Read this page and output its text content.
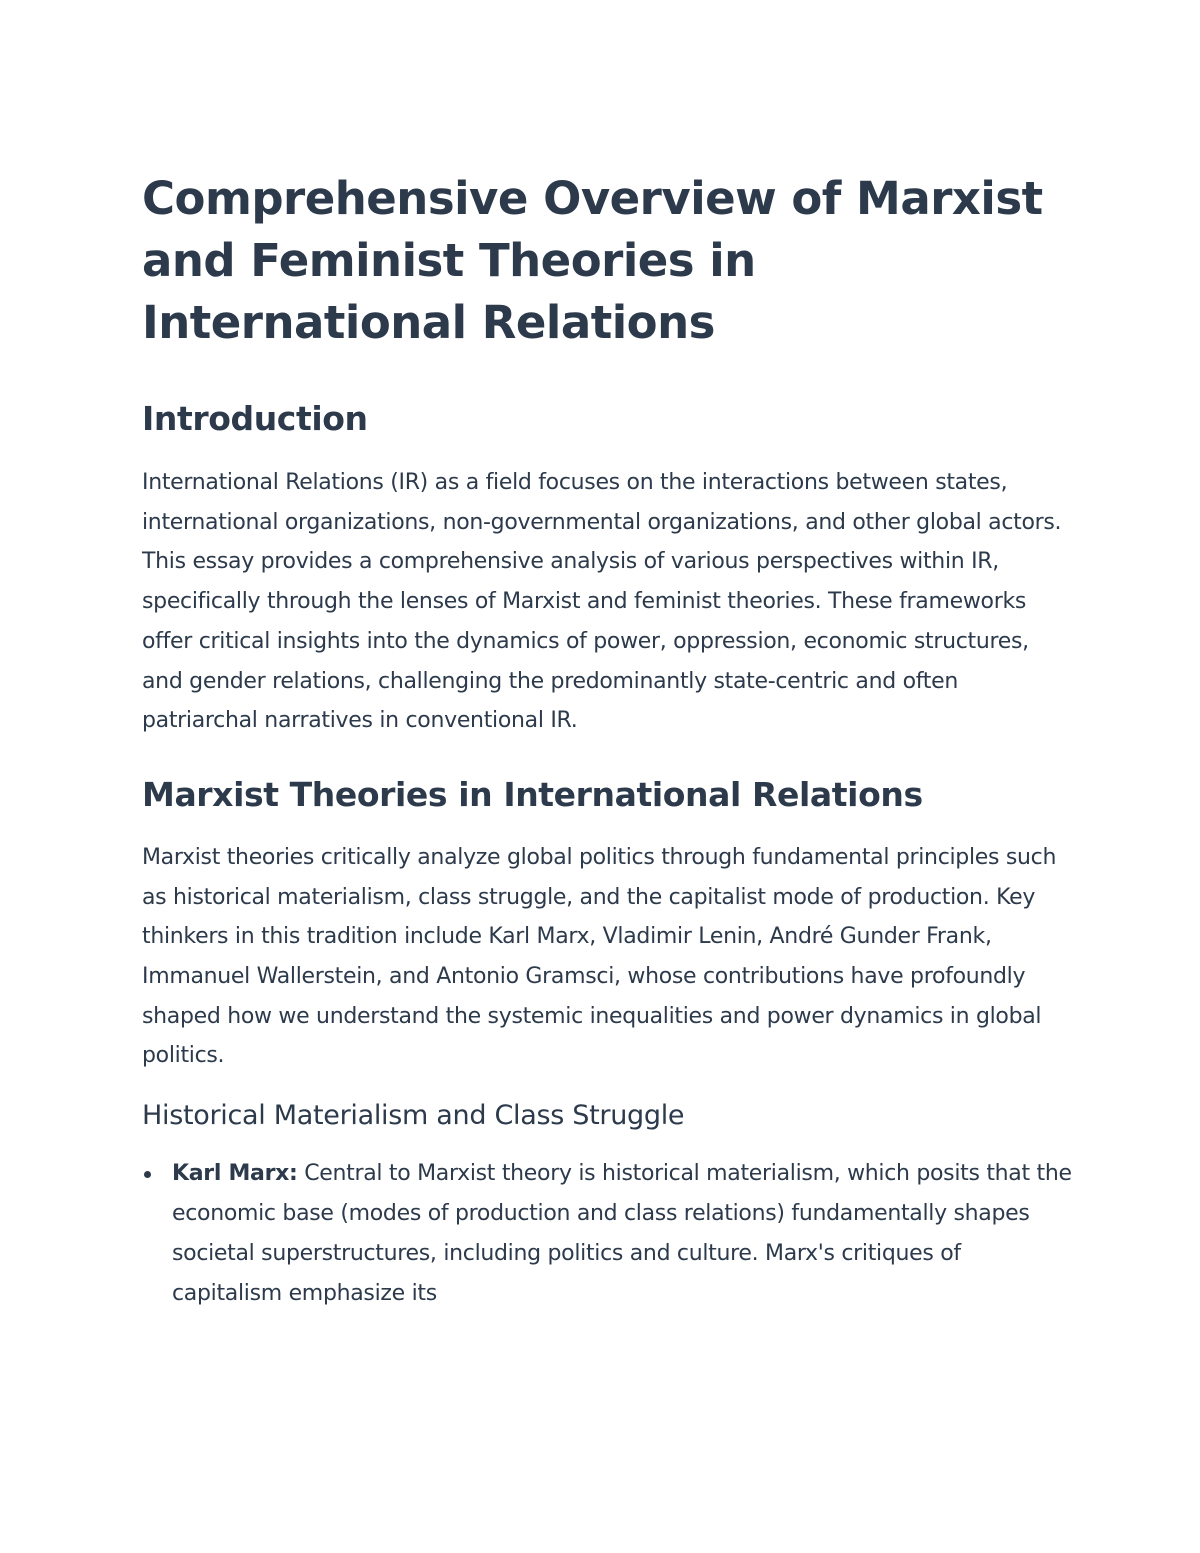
Comprehensive Overview of Marxist and Feminist Theories in International Relations
Introduction

International Relations (IR) as a field focuses on the interactions between states, international organizations, non-governmental organizations, and other global actors. This essay provides a comprehensive analysis of various perspectives within IR, specifically through the lenses of Marxist and feminist theories. These frameworks offer critical insights into the dynamics of power, oppression, economic structures, and gender relations, challenging the predominantly state-centric and often patriarchal narratives in conventional IR.

Marxist Theories in International Relations

Marxist theories critically analyze global politics through fundamental principles such as historical materialism, class struggle, and the capitalist mode of production. Key thinkers in this tradition include Karl Marx, Vladimir Lenin, André Gunder Frank, Immanuel Wallerstein, and Antonio Gramsci, whose contributions have profoundly shaped how we understand the systemic inequalities and power dynamics in global politics.

Historical Materialism and Class Struggle
Karl Marx: Central to Marxist theory is historical materialism, which posits that the economic base (modes of production and class relations) fundamentally shapes societal superstructures, including politics and culture. Marx's critiques of capitalism emphasize its
